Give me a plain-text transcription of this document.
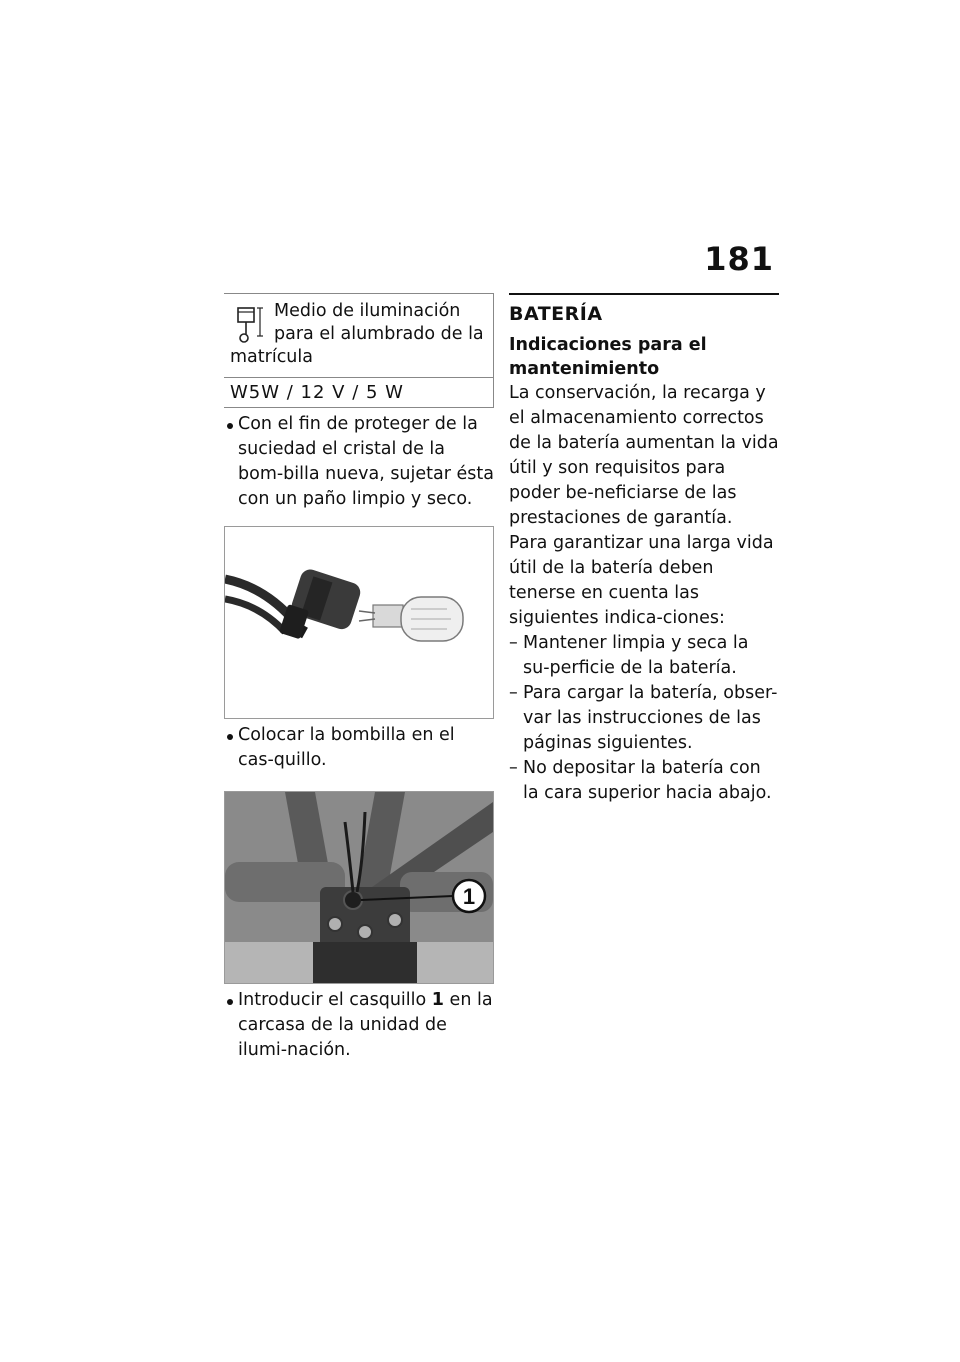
181
Medio de iluminación para el alumbrado de la matrícula
W5W / 12 V / 5 W
Con el fin de proteger de la suciedad el cristal de la bom-billa nueva, sujetar ésta con un paño limpio y seco.
Colocar la bombilla en el cas-quillo.
1
Introducir el casquillo 1 en la carcasa de la unidad de ilumi-nación.
BATERÍA
Indicaciones para el mantenimiento

La conservación, la recarga y el almacenamiento correctos de la batería aumentan la vida útil y son requisitos para poder be-neficiarse de las prestaciones de garantía.

Para garantizar una larga vida útil de la batería deben tenerse en cuenta las siguientes indica-ciones:

– Mantener limpia y seca la su-perficie de la batería.
– Para cargar la batería, obser-var las instrucciones de las páginas siguientes.
– No depositar la batería con la cara superior hacia abajo.
